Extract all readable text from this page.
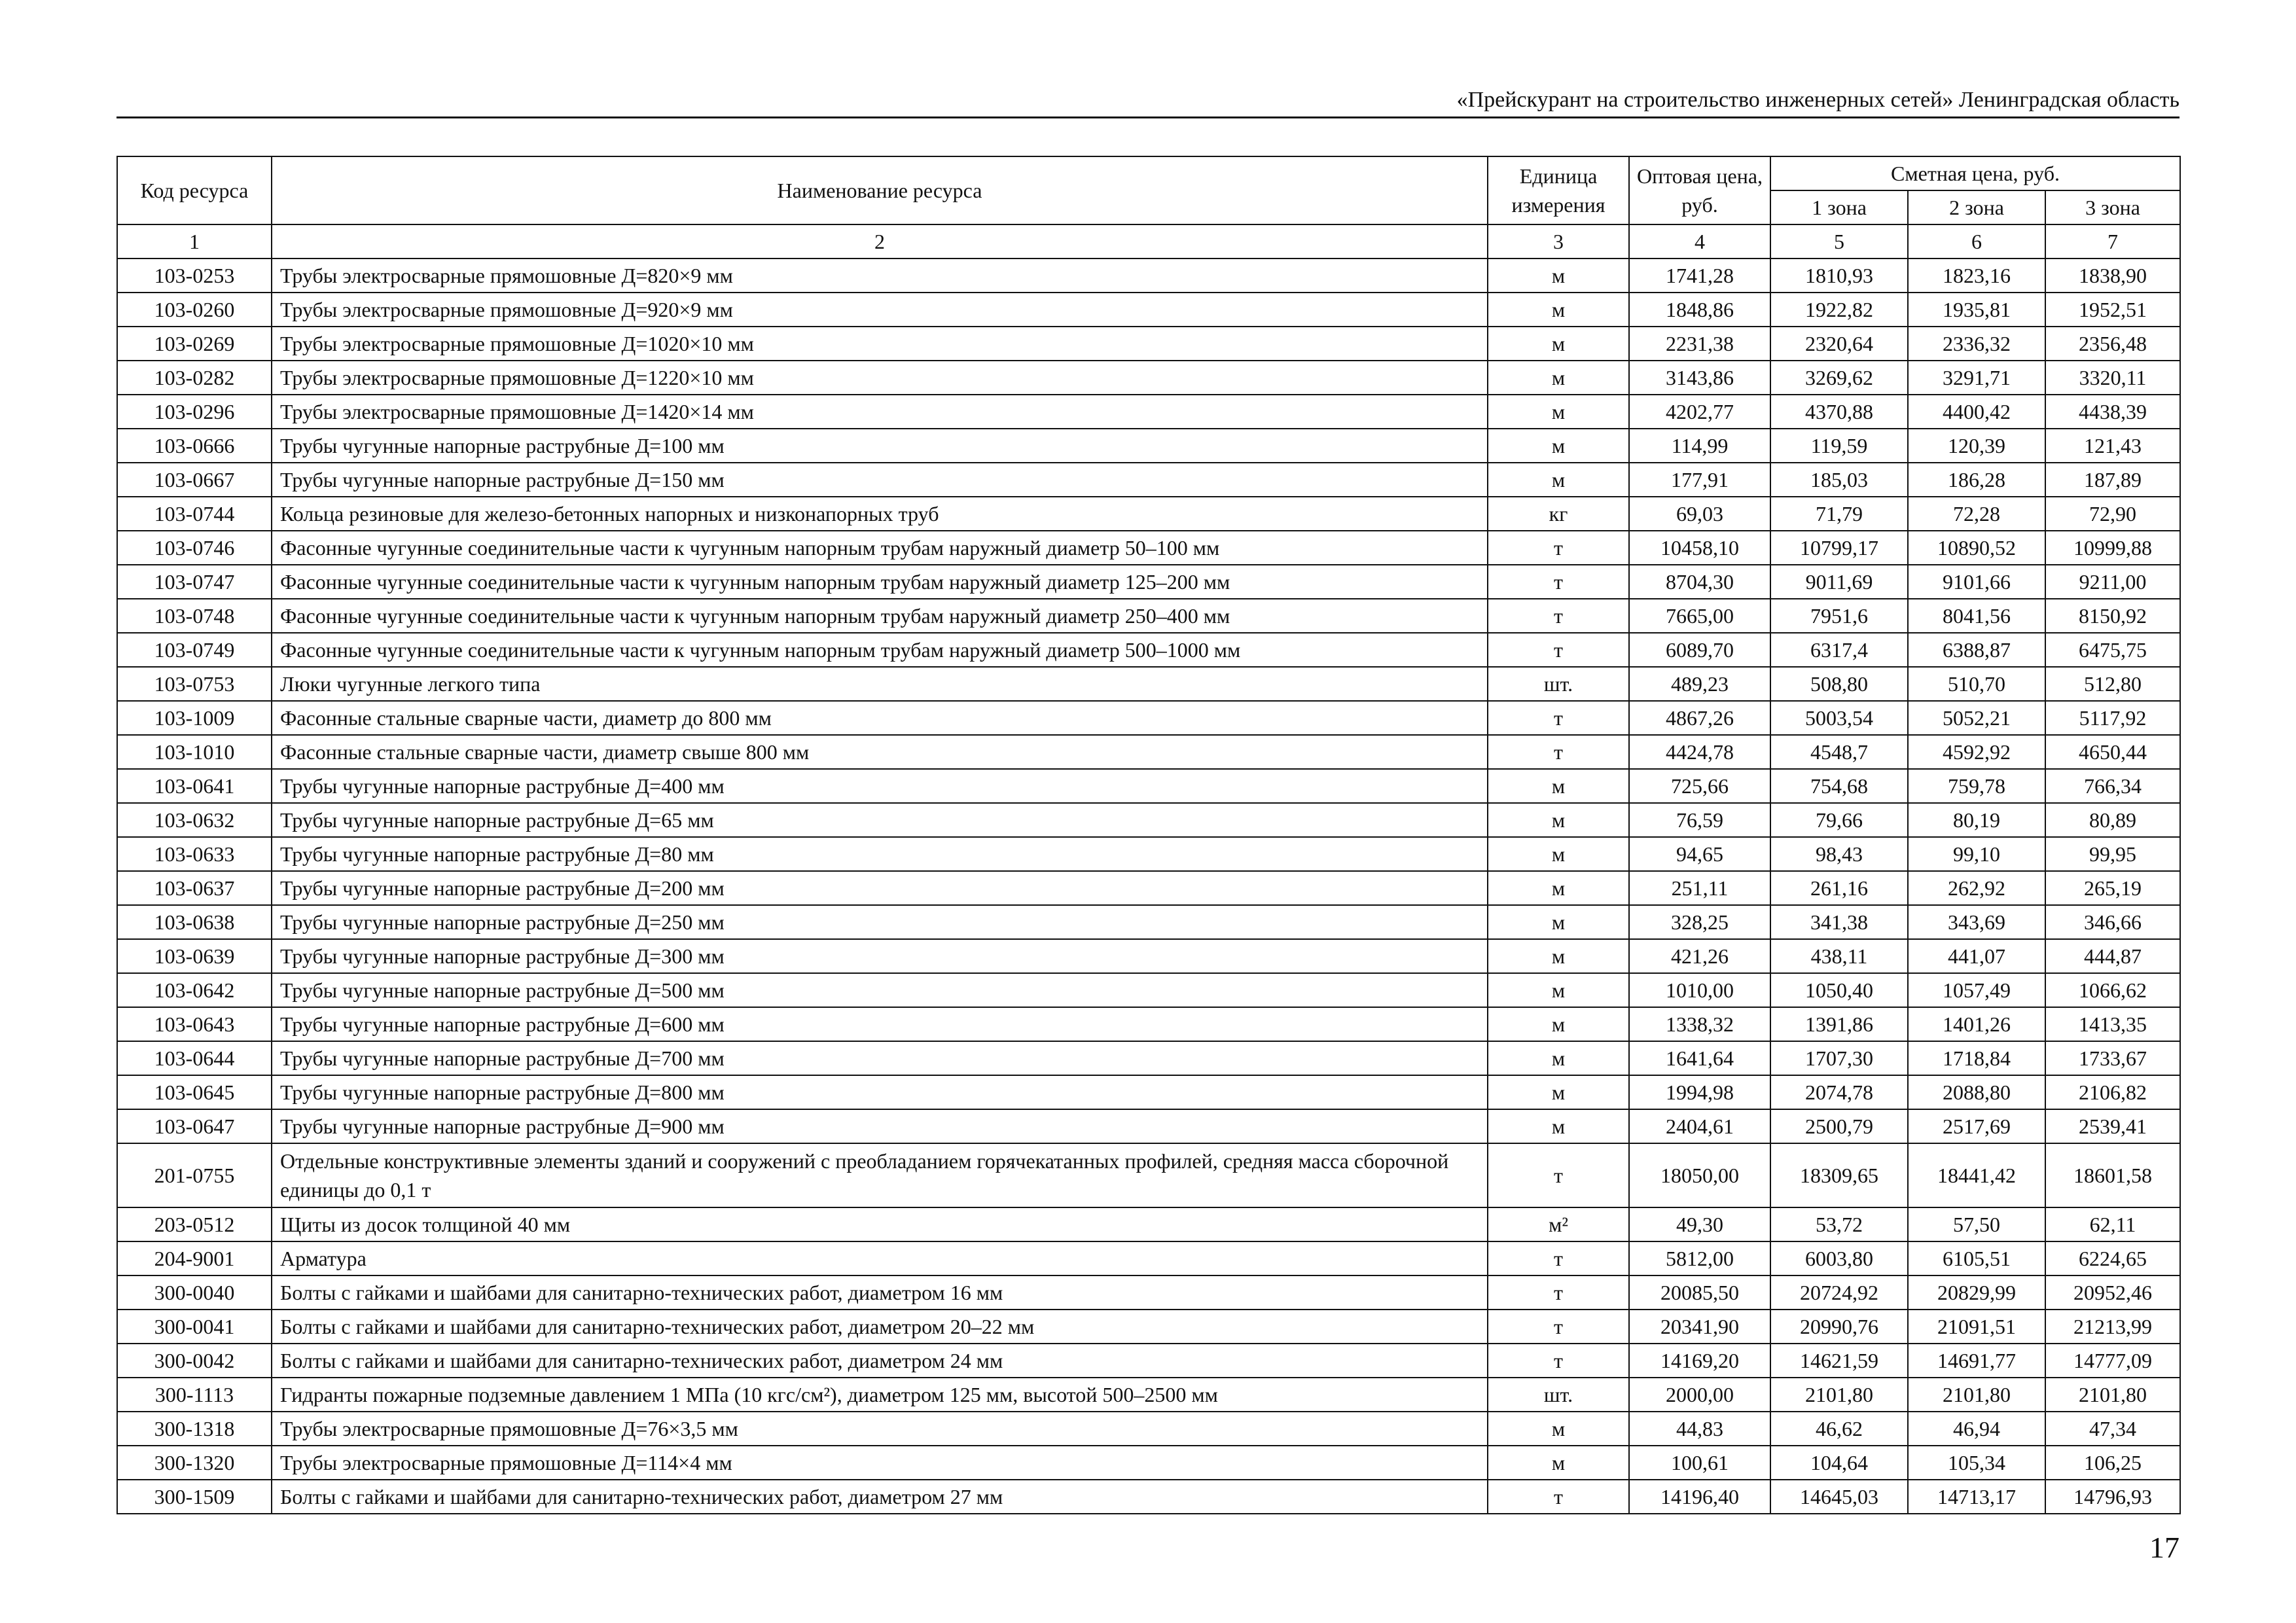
«Прейскурант на строительство инженерных сетей» Ленинградская область
Код ресурса	Наименование ресурса	Единица измерения	Оптовая цена, руб.	Сметная цена, руб.		
				1 зона	2 зона	3 зона
1	2	3	4	5	6	7
103-0253	Трубы электросварные прямошовные Д=820×9 мм	м	1741,28	1810,93	1823,16	1838,90
103-0260	Трубы электросварные прямошовные Д=920×9 мм	м	1848,86	1922,82	1935,81	1952,51
103-0269	Трубы электросварные прямошовные Д=1020×10 мм	м	2231,38	2320,64	2336,32	2356,48
103-0282	Трубы электросварные прямошовные Д=1220×10 мм	м	3143,86	3269,62	3291,71	3320,11
103-0296	Трубы электросварные прямошовные Д=1420×14 мм	м	4202,77	4370,88	4400,42	4438,39
103-0666	Трубы чугунные напорные раструбные Д=100 мм	м	114,99	119,59	120,39	121,43
103-0667	Трубы чугунные напорные раструбные Д=150 мм	м	177,91	185,03	186,28	187,89
103-0744	Кольца резиновые для железо-бетонных напорных и низконапорных труб	кг	69,03	71,79	72,28	72,90
103-0746	Фасонные чугунные соединительные части к чугунным напорным трубам наружный диаметр 50–100 мм	т	10458,10	10799,17	10890,52	10999,88
103-0747	Фасонные чугунные соединительные части к чугунным напорным трубам наружный диаметр 125–200 мм	т	8704,30	9011,69	9101,66	9211,00
103-0748	Фасонные чугунные соединительные части к чугунным напорным трубам наружный диаметр 250–400 мм	т	7665,00	7951,6	8041,56	8150,92
103-0749	Фасонные чугунные соединительные части к чугунным напорным трубам наружный диаметр 500–1000 мм	т	6089,70	6317,4	6388,87	6475,75
103-0753	Люки чугунные легкого типа	шт.	489,23	508,80	510,70	512,80
103-1009	Фасонные стальные сварные части, диаметр до 800 мм	т	4867,26	5003,54	5052,21	5117,92
103-1010	Фасонные стальные сварные части, диаметр свыше 800 мм	т	4424,78	4548,7	4592,92	4650,44
103-0641	Трубы чугунные напорные раструбные Д=400 мм	м	725,66	754,68	759,78	766,34
103-0632	Трубы чугунные напорные раструбные Д=65 мм	м	76,59	79,66	80,19	80,89
103-0633	Трубы чугунные напорные раструбные Д=80 мм	м	94,65	98,43	99,10	99,95
103-0637	Трубы чугунные напорные раструбные Д=200 мм	м	251,11	261,16	262,92	265,19
103-0638	Трубы чугунные напорные раструбные Д=250 мм	м	328,25	341,38	343,69	346,66
103-0639	Трубы чугунные напорные раструбные Д=300 мм	м	421,26	438,11	441,07	444,87
103-0642	Трубы чугунные напорные раструбные Д=500 мм	м	1010,00	1050,40	1057,49	1066,62
103-0643	Трубы чугунные напорные раструбные Д=600 мм	м	1338,32	1391,86	1401,26	1413,35
103-0644	Трубы чугунные напорные раструбные Д=700 мм	м	1641,64	1707,30	1718,84	1733,67
103-0645	Трубы чугунные напорные раструбные Д=800 мм	м	1994,98	2074,78	2088,80	2106,82
103-0647	Трубы чугунные напорные раструбные Д=900 мм	м	2404,61	2500,79	2517,69	2539,41
201-0755	Отдельные конструктивные элементы зданий и сооружений с преобладанием горячекатанных профилей, средняя масса сборочной единицы до 0,1 т	т	18050,00	18309,65	18441,42	18601,58
203-0512	Щиты из досок толщиной 40 мм	м²	49,30	53,72	57,50	62,11
204-9001	Арматура	т	5812,00	6003,80	6105,51	6224,65
300-0040	Болты с гайками и шайбами для санитарно-технических работ, диаметром 16 мм	т	20085,50	20724,92	20829,99	20952,46
300-0041	Болты с гайками и шайбами для санитарно-технических работ, диаметром 20–22 мм	т	20341,90	20990,76	21091,51	21213,99
300-0042	Болты с гайками и шайбами для санитарно-технических работ, диаметром 24 мм	т	14169,20	14621,59	14691,77	14777,09
300-1113	Гидранты пожарные подземные давлением 1 МПа (10 кгс/см²), диаметром 125 мм, высотой 500–2500 мм	шт.	2000,00	2101,80	2101,80	2101,80
300-1318	Трубы электросварные прямошовные Д=76×3,5 мм	м	44,83	46,62	46,94	47,34
300-1320	Трубы электросварные прямошовные Д=114×4 мм	м	100,61	104,64	105,34	106,25
300-1509	Болты с гайками и шайбами для санитарно-технических работ, диаметром 27 мм	т	14196,40	14645,03	14713,17	14796,93
17
